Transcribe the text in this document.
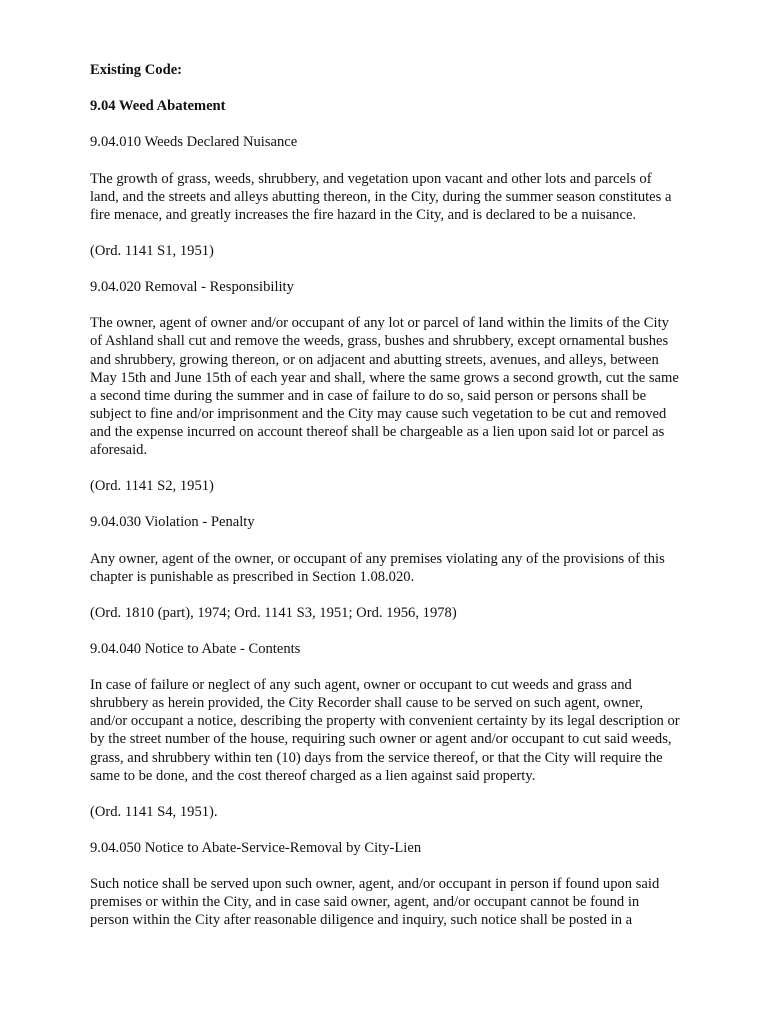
Existing Code:

9.04 Weed Abatement

9.04.010 Weeds Declared Nuisance

The growth of grass, weeds, shrubbery, and vegetation upon vacant and other lots and parcels of land, and the streets and alleys abutting thereon, in the City, during the summer season constitutes a fire menace, and greatly increases the fire hazard in the City, and is declared to be a nuisance.

(Ord. 1141 S1, 1951)

9.04.020 Removal - Responsibility

The owner, agent of owner and/or occupant of any lot or parcel of land within the limits of the City of Ashland shall cut and remove the weeds, grass, bushes and shrubbery, except ornamental bushes and shrubbery, growing thereon, or on adjacent and abutting streets, avenues, and alleys, between May 15th and June 15th of each year and shall, where the same grows a second growth, cut the same a second time during the summer and in case of failure to do so, said person or persons shall be subject to fine and/or imprisonment and the City may cause such vegetation to be cut and removed and the expense incurred on account thereof shall be chargeable as a lien upon said lot or parcel as aforesaid.

(Ord. 1141 S2, 1951)

9.04.030 Violation - Penalty

Any owner, agent of the owner, or occupant of any premises violating any of the provisions of this chapter is punishable as prescribed in Section 1.08.020.

(Ord. 1810 (part), 1974; Ord. 1141 S3, 1951; Ord. 1956, 1978)

9.04.040 Notice to Abate - Contents

In case of failure or neglect of any such agent, owner or occupant to cut weeds and grass and shrubbery as herein provided, the City Recorder shall cause to be served on such agent, owner, and/or occupant a notice, describing the property with convenient certainty by its legal description or by the street number of the house, requiring such owner or agent and/or occupant to cut said weeds, grass, and shrubbery within ten (10) days from the service thereof, or that the City will require the same to be done, and the cost thereof charged as a lien against said property.

(Ord. 1141 S4, 1951).

9.04.050 Notice to Abate-Service-Removal by City-Lien

Such notice shall be served upon such owner, agent, and/or occupant in person if found upon said premises or within the City, and in case said owner, agent, and/or occupant cannot be found in person within the City after reasonable diligence and inquiry, such notice shall be posted in a
